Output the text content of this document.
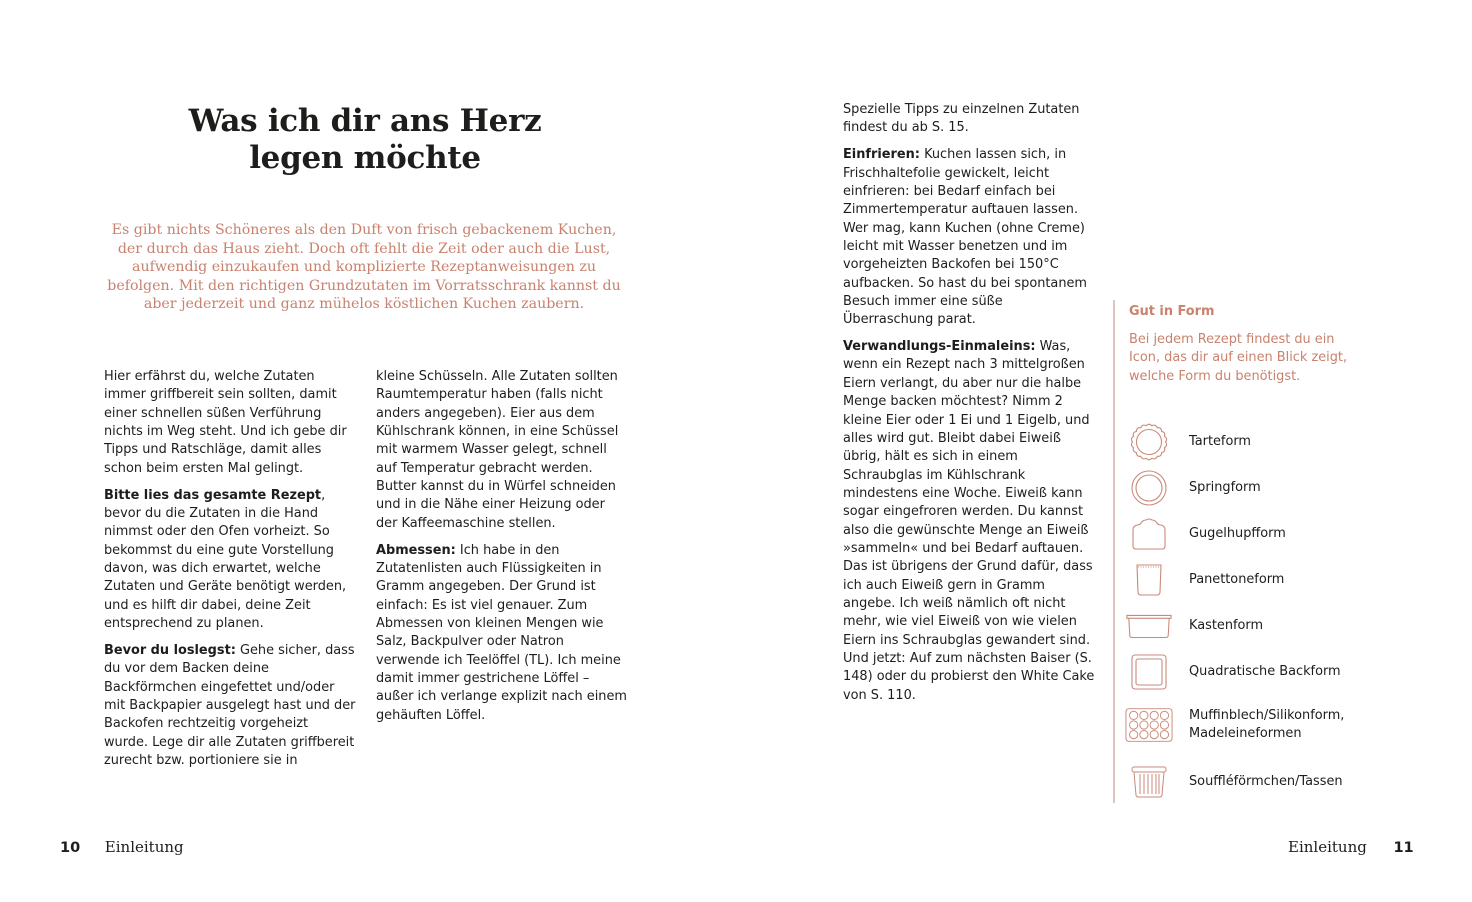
Was ich dir ans Herz
legen möchte
Es gibt nichts Schöneres als den Duft von frisch gebackenem Kuchen, der durch das Haus zieht. Doch oft fehlt die Zeit oder auch die Lust, aufwendig einzukaufen und komplizierte Rezeptanweisungen zu befolgen. Mit den richtigen Grundzutaten im Vorratsschrank kannst du aber jederzeit und ganz mühelos köstlichen Kuchen zaubern.

Hier erfährst du, welche Zutaten immer griffbereit sein sollten, damit einer schnellen süßen Verführung nichts im Weg steht. Und ich gebe dir Tipps und Ratschläge, damit alles schon beim ersten Mal gelingt.

Bitte lies das gesamte Rezept, bevor du die Zutaten in die Hand nimmst oder den Ofen vorheizt. So bekommst du eine gute Vorstellung davon, was dich erwartet, welche Zutaten und Geräte benötigt werden, und es hilft dir dabei, deine Zeit entsprechend zu planen.

Bevor du loslegst: Gehe sicher, dass du vor dem Backen deine Backförmchen eingefettet und/oder mit Backpapier ausgelegt hast und der Backofen rechtzeitig vorgeheizt wurde. Lege dir alle Zutaten griffbereit zurecht bzw. portioniere sie in

kleine Schüsseln. Alle Zutaten sollten Raumtemperatur haben (falls nicht anders angegeben). Eier aus dem Kühlschrank können, in eine Schüssel mit warmem Wasser gelegt, schnell auf Temperatur gebracht werden. Butter kannst du in Würfel schneiden und in die Nähe einer Heizung oder der Kaffeemaschine stellen.

Abmessen: Ich habe in den Zutatenlisten auch Flüssigkeiten in Gramm angegeben. Der Grund ist einfach: Es ist viel genauer. Zum Abmessen von kleinen Mengen wie Salz, Backpulver oder Natron verwende ich Teelöffel (TL). Ich meine damit immer gestrichene Löffel – außer ich verlange explizit nach einem gehäuften Löffel.

10 Einleitung

Spezielle Tipps zu einzelnen Zutaten findest du ab S. 15.

Einfrieren: Kuchen lassen sich, in Frischhaltefolie gewickelt, leicht einfrieren: bei Bedarf einfach bei Zimmertemperatur auftauen lassen. Wer mag, kann Kuchen (ohne Creme) leicht mit Wasser benetzen und im vorgeheizten Backofen bei 150°C aufbacken. So hast du bei spontanem Besuch immer eine süße Überraschung parat.

Verwandlungs-Einmaleins: Was, wenn ein Rezept nach 3 mittelgroßen Eiern verlangt, du aber nur die halbe Menge backen möchtest? Nimm 2 kleine Eier oder 1 Ei und 1 Eigelb, und alles wird gut. Bleibt dabei Eiweiß übrig, hält es sich in einem Schraubglas im Kühlschrank mindestens eine Woche. Eiweiß kann sogar eingefroren werden. Du kannst also die gewünschte Menge an Eiweiß »sammeln« und bei Bedarf auftauen. Das ist übrigens der Grund dafür, dass ich auch Eiweiß gern in Gramm angebe. Ich weiß nämlich oft nicht mehr, wie viel Eiweiß von wie vielen Eiern ins Schraubglas gewandert sind. Und jetzt: Auf zum nächsten Baiser (S. 148) oder du probierst den White Cake von S. 110.

Gut in Form
Bei jedem Rezept findest du ein Icon, das dir auf einen Blick zeigt, welche Form du benötigst.
Tarteform
Springform
Gugelhupfform
Panettoneform
Kastenform
Quadratische Backform
Muffinblech/Silikonform,
Madeleineformen
Souffléförmchen/Tassen
Einleitung 11
